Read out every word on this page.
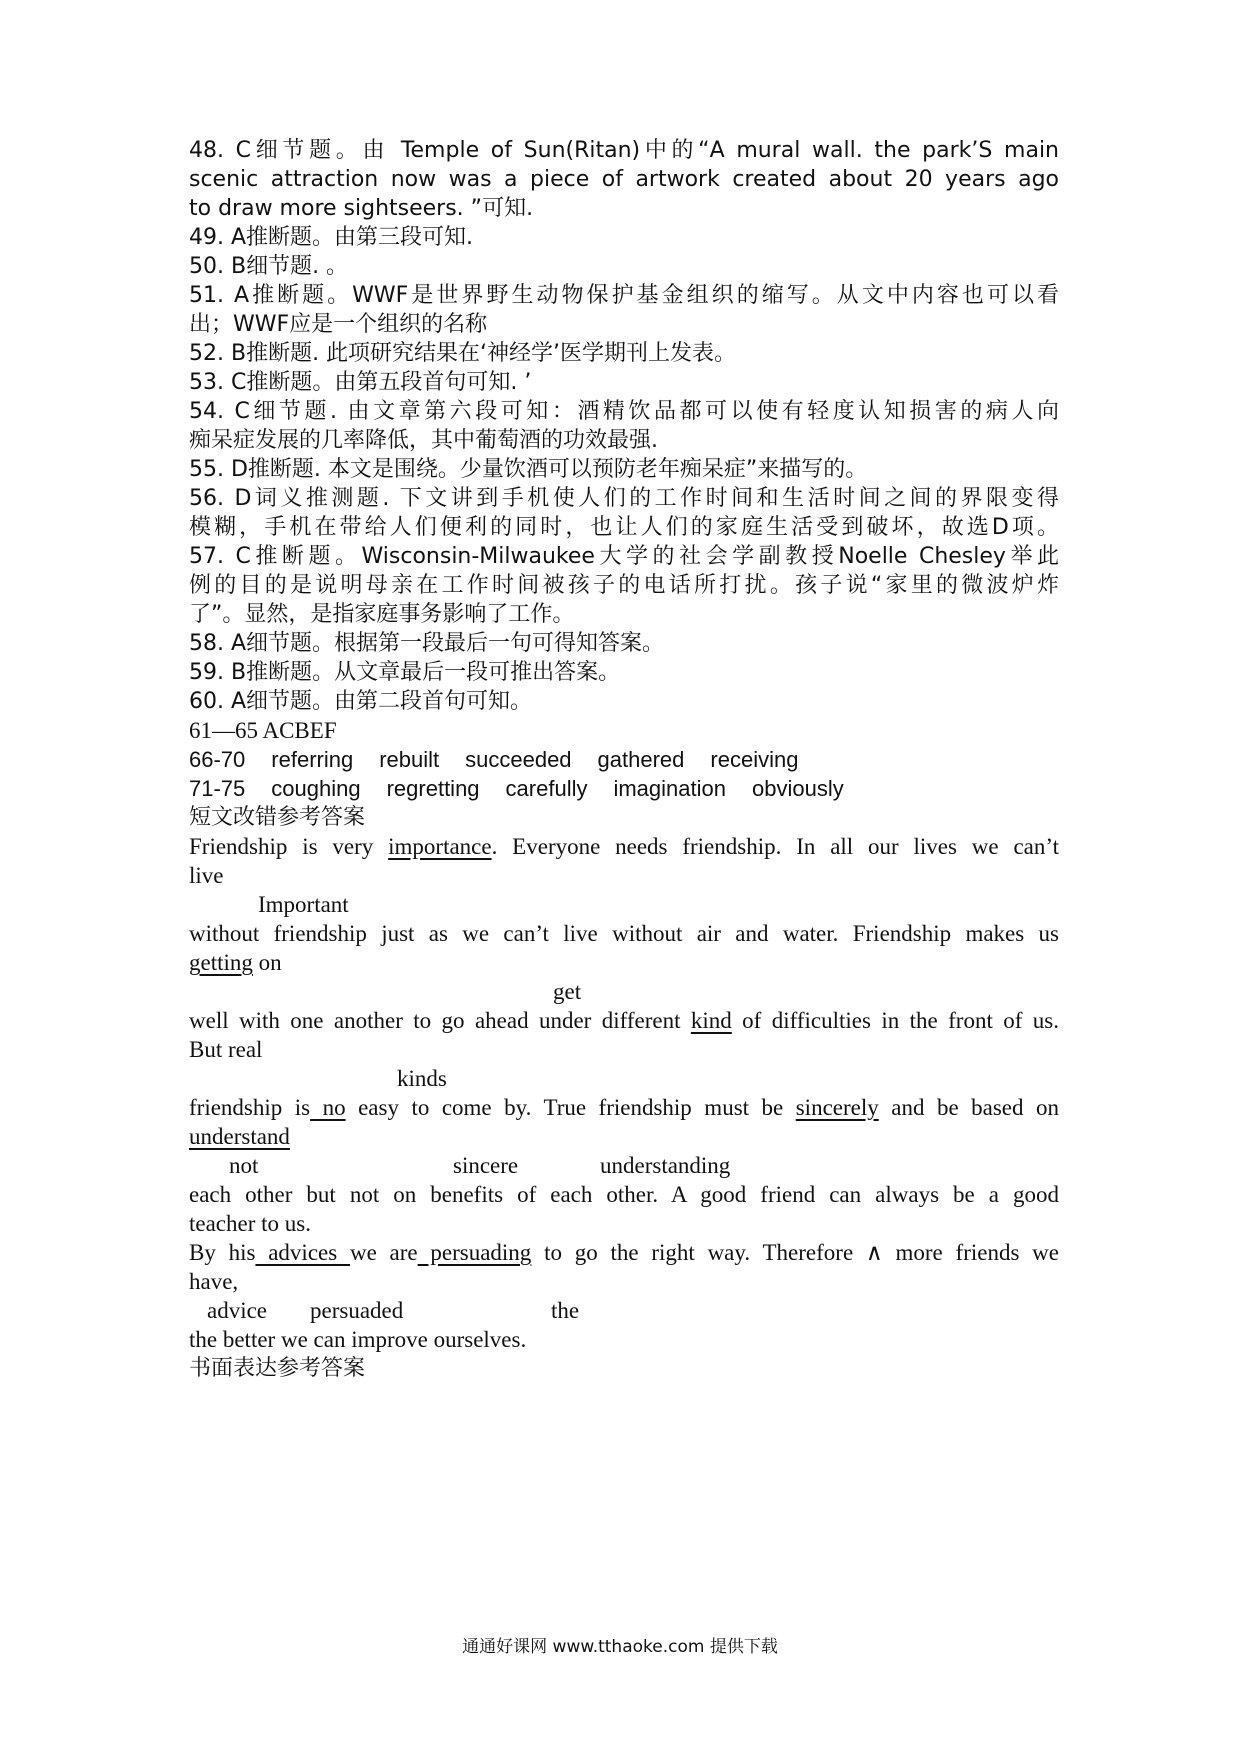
48. C细节题。由 Temple of Sun(Ritan)中的“A mural wall. the park’S main
scenic attraction now was a piece of artwork created about 20 years ago
to draw more sightseers. ”可知.
49. A推断题。由第三段可知.
50. B细节题. 。
51. A推断题。WWF是世界野生动物保护基金组织的缩写。从文中内容也可以看
出；WWF应是一个组织的名称
52. B推断题. 此项研究结果在‘神经学’医学期刊上发表。
53. C推断题。由第五段首句可知. ’
54. C细节题. 由文章第六段可知：酒精饮品都可以使有轻度认知损害的病人向
痴呆症发展的几率降低，其中葡萄酒的功效最强.
55. D推断题. 本文是围绕。少量饮酒可以预防老年痴呆症”来描写的。
56. D词义推测题. 下文讲到手机使人们的工作时间和生活时间之间的界限变得
模糊，手机在带给人们便利的同时，也让人们的家庭生活受到破坏，故选D项。
57. C推断题。Wisconsin-Milwaukee大学的社会学副教授Noelle Chesley举此
例的目的是说明母亲在工作时间被孩子的电话所打扰。孩子说“家里的微波炉炸
了”。显然，是指家庭事务影响了工作。
58. A细节题。根据第一段最后一句可得知答案。
59. B推断题。从文章最后一段可推出答案。
60. A细节题。由第二段首句可知。
61—65 ACBEF
66-70 referring rebuilt succeeded gathered receiving
71-75 coughing regretting carefully imagination obviously
短文改错参考答案
Friendship is very importance. Everyone needs friendship. In all our lives we can’t
live
Important
without friendship just as we can’t live without air and water. Friendship makes us
getting on
get
well with one another to go ahead under different kind of difficulties in the front of us.
But real
kinds
friendship is no easy to come by. True friendship must be sincerely and be based on
understand
not	sincere	understanding
each other but not on benefits of each other. A good friend can always be a good
teacher to us.
By his advices we are persuading to go the right way. Therefore ∧ more friends we
have,
advice persuaded	the
the better we can improve ourselves.
书面表达参考答案
通通好课网 www.tthaoke.com 提供下载
